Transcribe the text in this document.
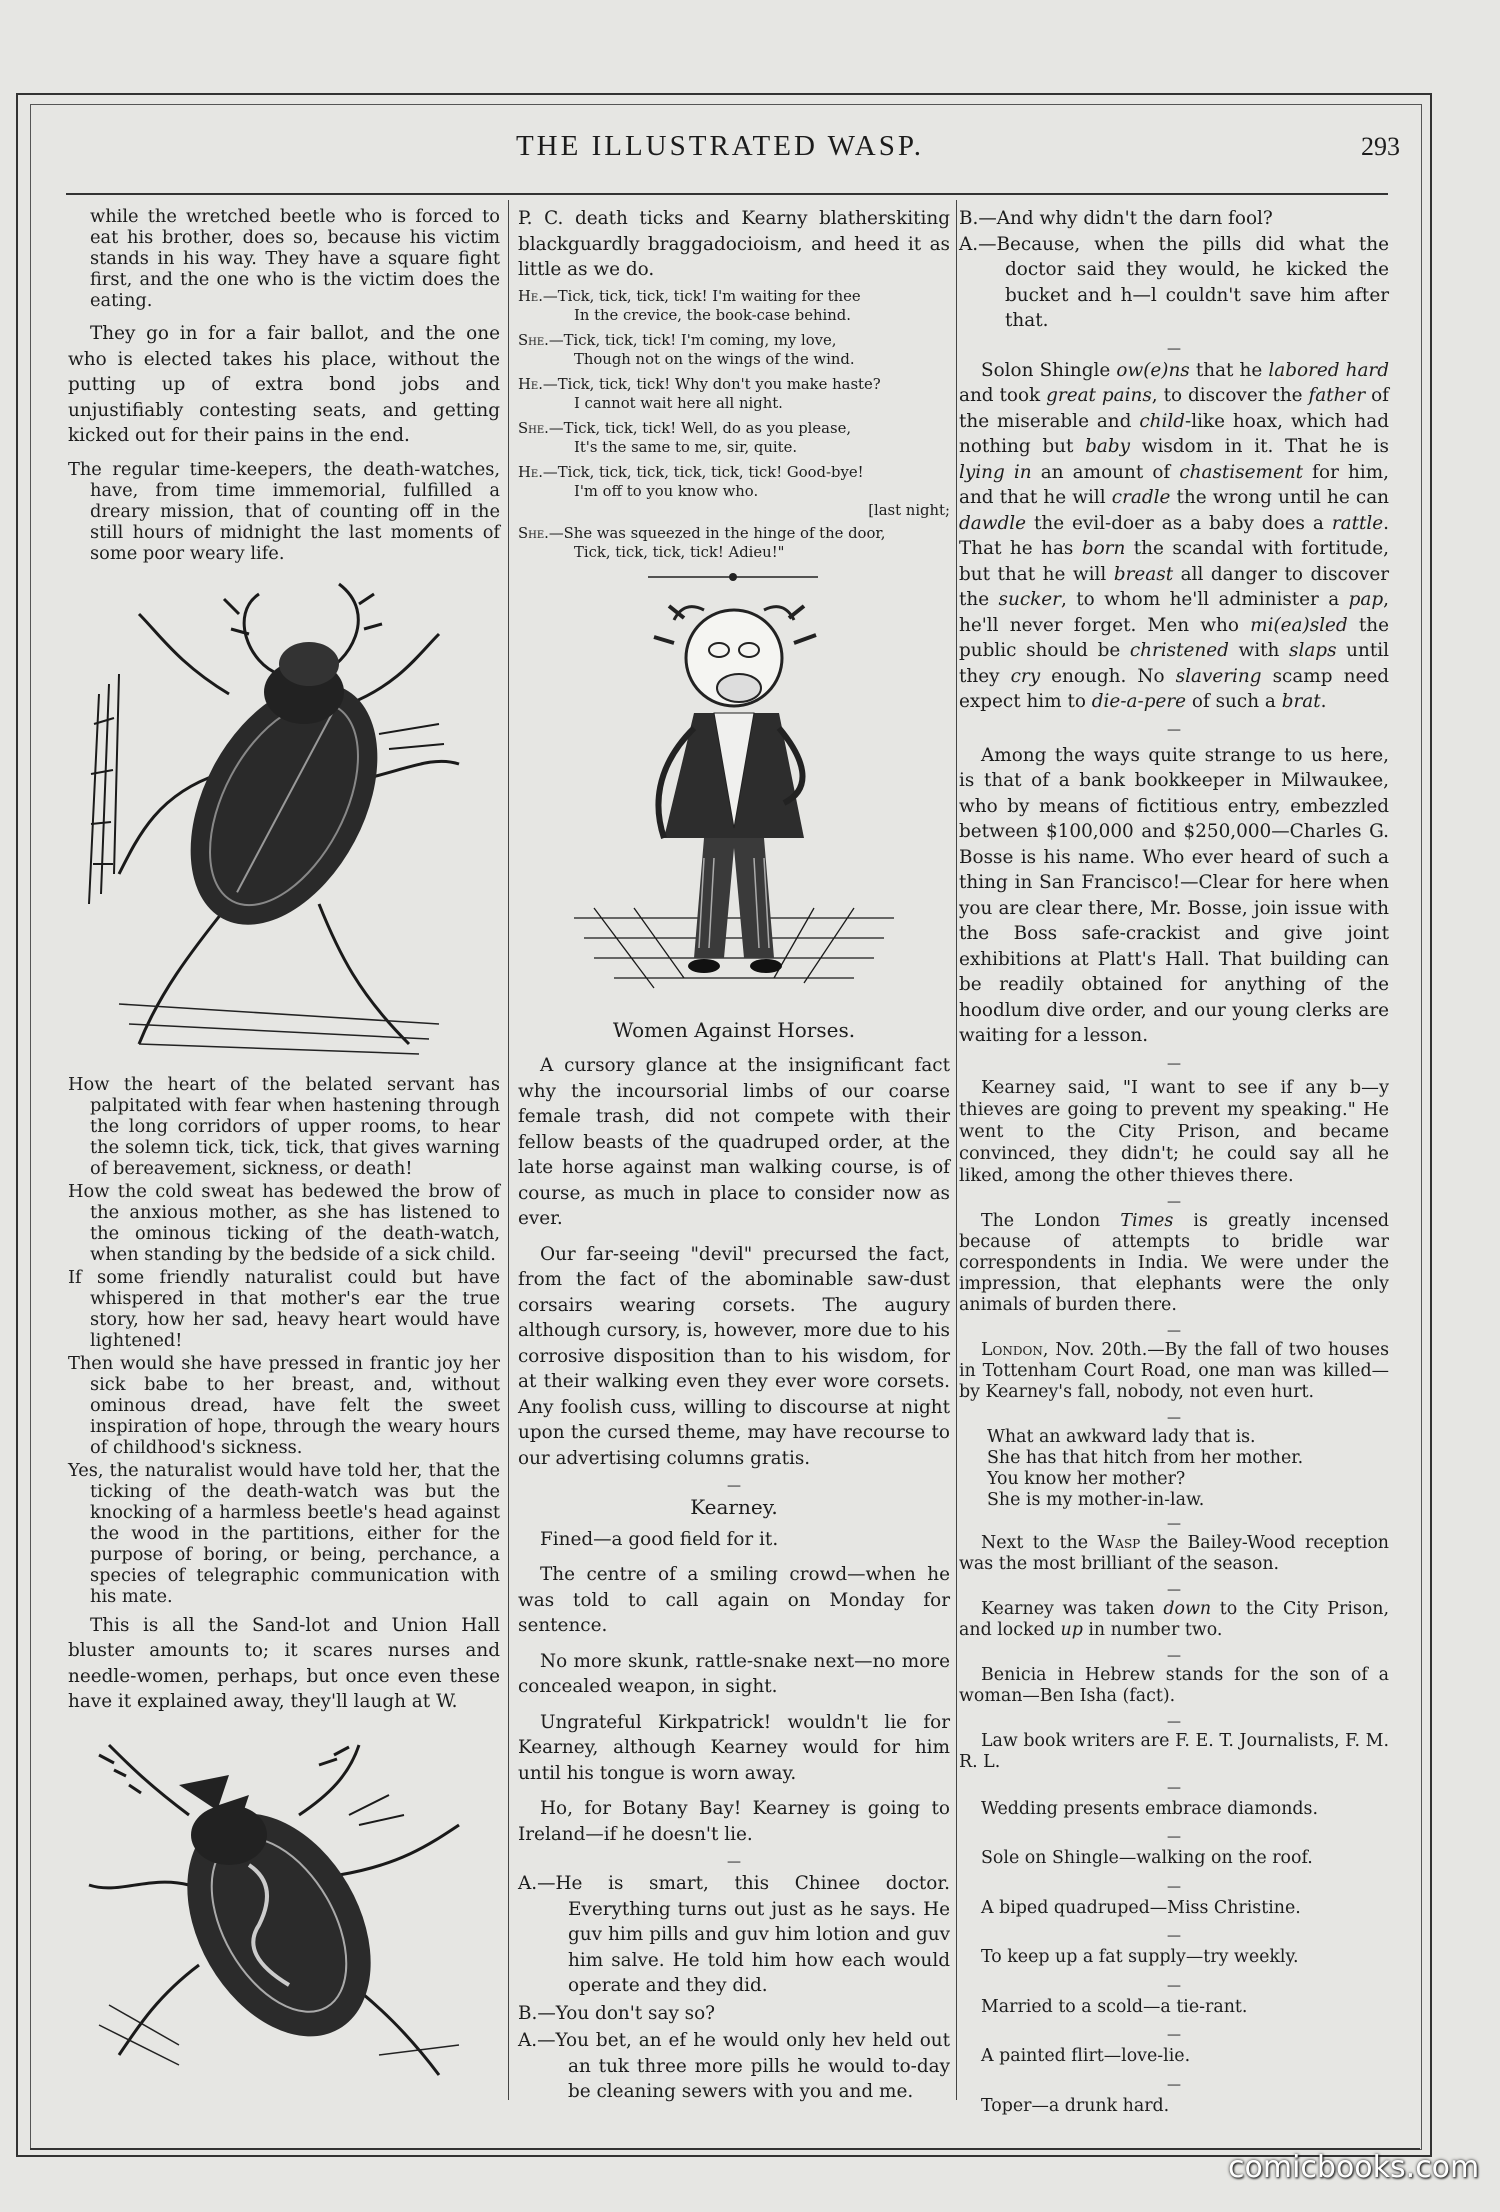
THE ILLUSTRATED WASP.	293

while the wretched beetle who is forced to eat his brother, does so, because his victim stands in his way. They have a square fight first, and the one who is the victim does the eating.

They go in for a fair ballot, and the one who is elected takes his place, without the putting up of extra bond jobs and unjustifiably contesting seats, and getting kicked out for their pains in the end.

The regular time-keepers, the death-watches, have, from time immemorial, fulfilled a dreary mission, that of counting off in the still hours of midnight the last moments of some poor weary life.

How the heart of the belated servant has palpitated with fear when hastening through the long corridors of upper rooms, to hear the solemn tick, tick, tick, that gives warning of bereavement, sickness, or death!

How the cold sweat has bedewed the brow of the anxious mother, as she has listened to the ominous ticking of the death-watch, when standing by the bedside of a sick child.

If some friendly naturalist could but have whispered in that mother's ear the true story, how her sad, heavy heart would have lightened!

Then would she have pressed in frantic joy her sick babe to her breast, and, without ominous dread, have felt the sweet inspiration of hope, through the weary hours of childhood's sickness.

Yes, the naturalist would have told her, that the ticking of the death-watch was but the knocking of a harmless beetle's head against the wood in the partitions, either for the purpose of boring, or being, perchance, a species of telegraphic communication with his mate.

This is all the Sand-lot and Union Hall bluster amounts to; it scares nurses and needle-women, perhaps, but once even these have it explained away, they'll laugh at W.

P. C. death ticks and Kearny blatherskiting blackguardly braggadocioism, and heed it as little as we do.

He.—Tick, tick, tick, tick! I'm waiting for thee
In the crevice, the book-case behind.
She.—Tick, tick, tick! I'm coming, my love,
Though not on the wings of the wind.
He.—Tick, tick, tick! Why don't you make haste?
I cannot wait here all night.
She.—Tick, tick, tick! Well, do as you please,
It's the same to me, sir, quite.
He.—Tick, tick, tick, tick, tick, tick! Good-bye!
I'm off to you know who.
[last night;
She.—She was squeezed in the hinge of the door,
Tick, tick, tick, tick! Adieu!"

Women Against Horses.

A cursory glance at the insignificant fact why the incoursorial limbs of our coarse female trash, did not compete with their fellow beasts of the quadruped order, at the late horse against man walking course, is of course, as much in place to consider now as ever.

Our far-seeing "devil" precursed the fact, from the fact of the abominable saw-dust corsairs wearing corsets. The augury although cursory, is, however, more due to his corrosive disposition than to his wisdom, for at their walking even they ever wore corsets. Any foolish cuss, willing to discourse at night upon the cursed theme, may have recourse to our advertising columns gratis.

—

Kearney.

Fined—a good field for it.

The centre of a smiling crowd—when he was told to call again on Monday for sentence.

No more skunk, rattle-snake next—no more concealed weapon, in sight.

Ungrateful Kirkpatrick! wouldn't lie for Kearney, although Kearney would for him until his tongue is worn away.

Ho, for Botany Bay! Kearney is going to Ireland—if he doesn't lie.

—

A.—He is smart, this Chinee doctor. Everything turns out just as he says. He guv him pills and guv him lotion and guv him salve. He told him how each would operate and they did.

B.—You don't say so?

A.—You bet, an ef he would only hev held out an tuk three more pills he would to-day be cleaning sewers with you and me.

B.—And why didn't the darn fool?

A.—Because, when the pills did what the doctor said they would, he kicked the bucket and h—l couldn't save him after that.

—

Solon Shingle ow(e)ns that he labored hard and took great pains, to discover the father of the miserable and child-like hoax, which had nothing but baby wisdom in it. That he is lying in an amount of chastisement for him, and that he will cradle the wrong until he can dawdle the evil-doer as a baby does a rattle. That he has born the scandal with fortitude, but that he will breast all danger to discover the sucker, to whom he'll administer a pap, he'll never forget. Men who mi(ea)sled the public should be christened with slaps until they cry enough. No slavering scamp need expect him to die-a-pere of such a brat.

—

Among the ways quite strange to us here, is that of a bank bookkeeper in Milwaukee, who by means of fictitious entry, embezzled between $100,000 and $250,000—Charles G. Bosse is his name. Who ever heard of such a thing in San Francisco!—Clear for here when you are clear there, Mr. Bosse, join issue with the Boss safe-crackist and give joint exhibitions at Platt's Hall. That building can be readily obtained for anything of the hoodlum dive order, and our young clerks are waiting for a lesson.

—

Kearney said, "I want to see if any b—y thieves are going to prevent my speaking." He went to the City Prison, and became convinced, they didn't; he could say all he liked, among the other thieves there.

—

The London Times is greatly incensed because of attempts to bridle war correspondents in India. We were under the impression, that elephants were the only animals of burden there.

—

London, Nov. 20th.—By the fall of two houses in Tottenham Court Road, one man was killed—by Kearney's fall, nobody, not even hurt.

—
What an awkward lady that is.
She has that hitch from her mother.
You know her mother?
She is my mother-in-law.
—

Next to the Wasp the Bailey-Wood reception was the most brilliant of the season.

—

Kearney was taken down to the City Prison, and locked up in number two.

—

Benicia in Hebrew stands for the son of a woman—Ben Isha (fact).

—

Law book writers are F. E. T. Journalists, F. M. R. L.

—

Wedding presents embrace diamonds.

—

Sole on Shingle—walking on the roof.

—

A biped quadruped—Miss Christine.

—

To keep up a fat supply—try weekly.

—

Married to a scold—a tie-rant.

—

A painted flirt—love-lie.

—

Toper—a drunk hard.

comicbooks.com
